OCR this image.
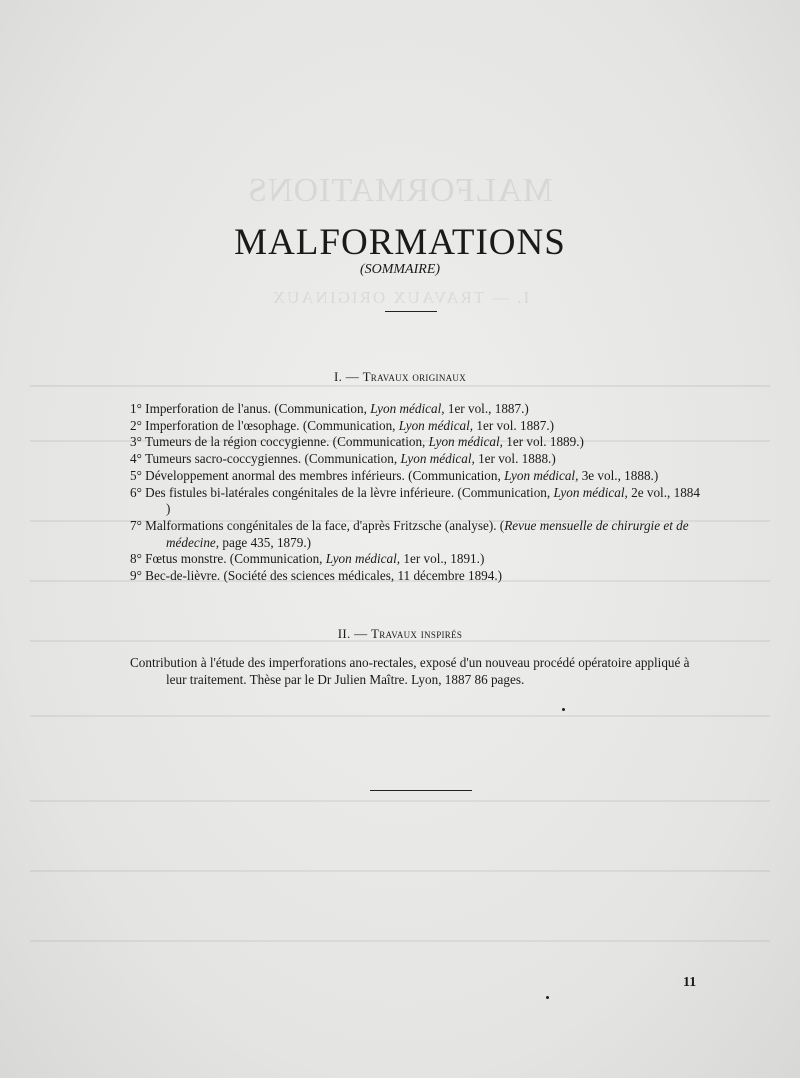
MALFORMATIONS
I. — TRAVAUX ORIGINAUX
MALFORMATIONS
(SOMMAIRE)
I. — Travaux originaux
1° Imperforation de l'anus. (Communication, Lyon médical, 1er vol., 1887.)
2° Imperforation de l'œsophage. (Communication, Lyon médical, 1er vol. 1887.)
3° Tumeurs de la région coccygienne. (Communication, Lyon médical, 1er vol. 1889.)
4° Tumeurs sacro-coccygiennes. (Communication, Lyon médical, 1er vol. 1888.)
5° Développement anormal des membres inférieurs. (Communication, Lyon médical, 3e vol., 1888.)
6° Des fistules bi-latérales congénitales de la lèvre inférieure. (Communication, Lyon médical, 2e vol., 1884 )
7° Malformations congénitales de la face, d'après Fritzsche (analyse). (Revue mensuelle de chirurgie et de médecine, page 435, 1879.)
8° Fœtus monstre. (Communication, Lyon médical, 1er vol., 1891.)
9° Bec-de-lièvre. (Société des sciences médicales, 11 décembre 1894.)
II. — Travaux inspirés
Contribution à l'étude des imperforations ano-rectales, exposé d'un nouveau procédé opératoire appliqué à leur traitement. Thèse par le Dr Julien Maître. Lyon, 1887 86 pages.
11
